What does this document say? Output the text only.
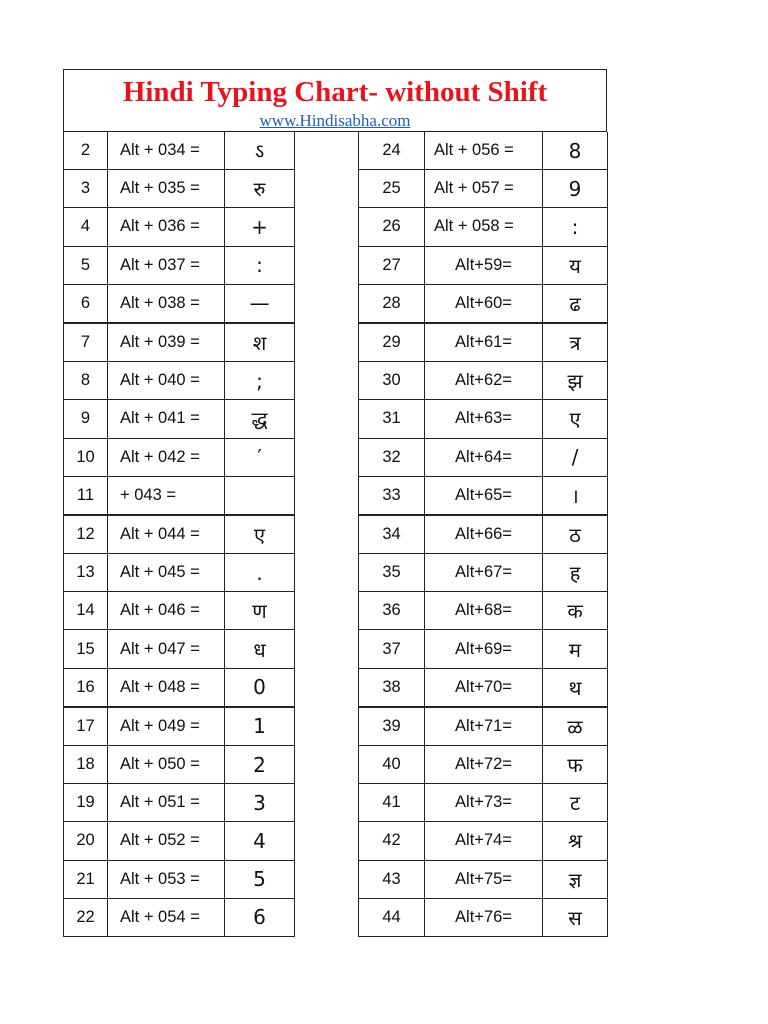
Hindi Typing Chart- without Shift
www.Hindisabha.com
2	Alt + 034 =	ऽ		24	Alt + 056 =	8
3	Alt + 035 =	रु		25	Alt + 057 =	9
4	Alt + 036 =	+		26	Alt + 058 =	:
5	Alt + 037 =	:		27	Alt+59=	य
6	Alt + 038 =	—		28	Alt+60=	ढ
7	Alt + 039 =	श		29	Alt+61=	त्र
8	Alt + 040 =	;		30	Alt+62=	झ
9	Alt + 041 =	द्ध		31	Alt+63=	ए
10	Alt + 042 =	′		32	Alt+64=	/
11	+ 043 =			33	Alt+65=	।
12	Alt + 044 =	ए		34	Alt+66=	ठ
13	Alt + 045 =	.		35	Alt+67=	ह
14	Alt + 046 =	ण		36	Alt+68=	क
15	Alt + 047 =	ध		37	Alt+69=	म
16	Alt + 048 =	0		38	Alt+70=	थ
17	Alt + 049 =	1		39	Alt+71=	ळ
18	Alt + 050 =	2		40	Alt+72=	फ
19	Alt + 051 =	3		41	Alt+73=	ट
20	Alt + 052 =	4		42	Alt+74=	श्र
21	Alt + 053 =	5		43	Alt+75=	ज्ञ
22	Alt + 054 =	6		44	Alt+76=	स
